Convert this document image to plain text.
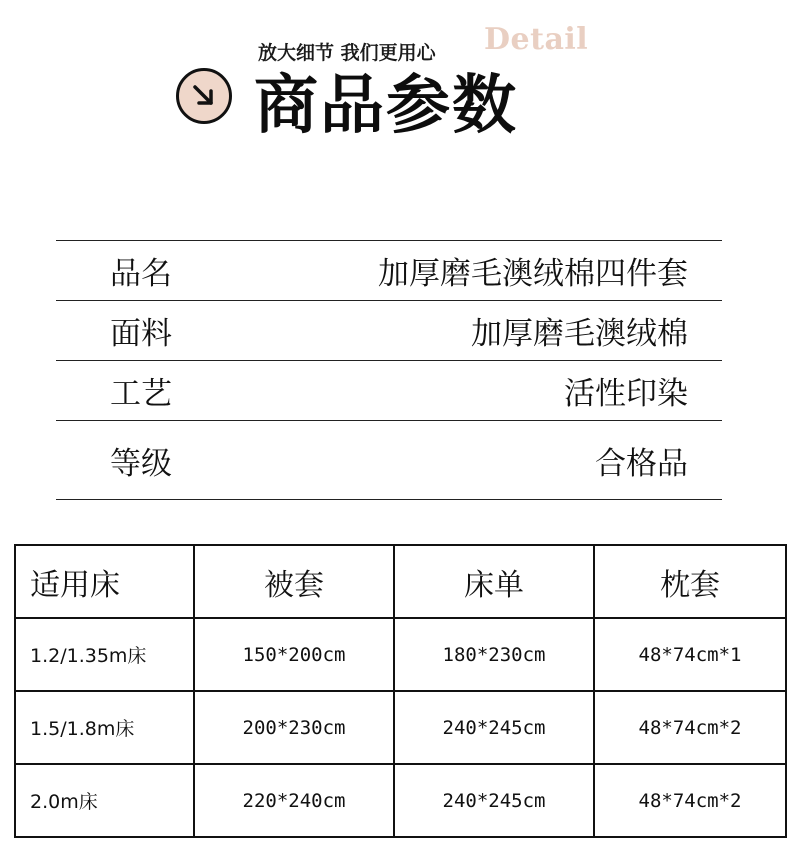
放大细节 我们更用心 Detail
商品参数
品名	加厚磨毛澳绒棉四件套
面料	加厚磨毛澳绒棉
工艺	活性印染
等级	合格品
适用床	被套	床单	枕套
1.2/1.35m床	150*200cm	180*230cm	48*74cm*1
1.5/1.8m床	200*230cm	240*245cm	48*74cm*2
2.0m床	220*240cm	240*245cm	48*74cm*2
